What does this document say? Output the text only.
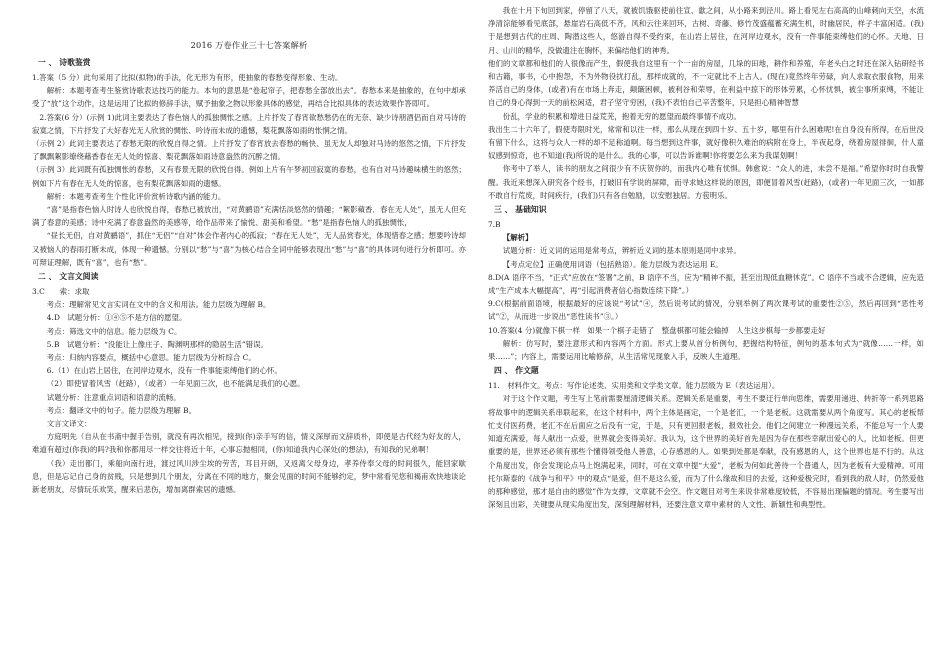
2016 万卷作业三十七答案解析
一 、 诗歌鉴赏

1.答案（5 分）此句采用了比拟(拟物)的手法，化无形为有形，使抽象的春愁变得形象、生动。

解析：本题考查考生鉴赏诗歌表达技巧的能力。本句的意思是“卷起帘子，把春愁全部放出去”。春愁本来是抽象的，在句中却承受了“放”这个动作，这是运用了比拟的修辞手法，赋予抽象之物以形象具体的感觉，再结合比拟具体的表达效果作答即可。

2.答案(6 分）(示例 1)此词主要表达了春色恼人的孤独惆怅之感。上片抒发了春宵欲愁愁仍在的无奈、缺少诗朋酒侣而自对马诗的寂寞之情，下片抒发了大好春光无人欣赏的惆怅、吟诗而未成的遗憾，梨花飘落如雨的怅惘之情。

（示例 2）此词主要表达了春愁无限的欣悦自得之情。上片抒发了春宵放去春愁的畅快、虽无友人却独对马诗的悠然之情，下片抒发了飘飘絮影缭绕藉香春在无人处的惊喜、梨花飘落如雨诗意盎然的沉醉之情。

（示例 3）此词既有孤独惆怅的春愁，又有春景无限的欣悦自得。例如上片有午梦初回寂寞的春愁，也有自对马诗趣味横生的悠然；例如下片有春在无人处的惊喜，也有梨花飘落如雨的遗憾。

解析：本题考查考生个性化评价赏析诗歌内涵的能力。

“喜”是指春色恼人时诗人也欣悦自得，春愁已被放出，“对黄鹂语”充满恬淡悠然的情趣；“絮影蘋香．春在无人处”，虽无人但充满了春意的美感；诗中充满了春意盎然的美感等，给作品带来了愉悦、甜美和希望。“愁”是指春色恼人的孤独惆怅，

“昼长无侣，自对黄鹂语”，抓住“无侣”“自对”体会作者内心的孤寂；“春在无人处”，无人品赏春光，体现惜春之感；想要吟诗却又被恼人的春雨打断未成，体现一种遗憾。分别以“愁”与“喜”为核心结合全词中能够表现出“愁”与“喜”的具体词句进行分析即可。亦可辩证理解，既有“喜”，也有“愁”。

二 、 文言文阅读

3.C　　索：求取

考点：理解常见文言实词在文中的含义和用法。能力层级为理解 B。

4.D　试题分析：①④⑤不是方信的愿望。

考点：筛选文中的信息。能力层级为 C。

5.B　试题分析：“没能让上像庄子、陶渊明那样的隐居生活”错误。

考点：归纳内容要点，概括中心意思。能力层级为分析综合 C。

6.（1）在山岩上居住，在河岸边观水，没有一件事能束缚他们的心怀。

（2）即使冒着风雪（赶路），（或者）一年见面三次，也不能满足我们的心愿。

试题分析：注意重点词语和语意的流畅。

考点：翻译文中的句子。能力层级为理解 B。

文言文译文：

方庭明先（自从在书斋中握手告别，就没有再次相见，接到(你)亲手写的信，情义深厚而文辞质朴，即使是古代经为好友的人，难道有超过(你我)的吗?我和你都用尽一样交往将近十年，心事忘抛相同，(你)知道我内心深处(的想法)，有知我的兄弟啊！

（我）走出都门，乘船向南行进，渡过风川涉尘埃的劳苦，耳目开朗，又返离父母身边，孝养侍奉父母的时间很久，能回家歇息，但是忘记自己身的贫贱，只是想到几个朋友，分离在不同的地方，聚会见面的时间不能够约定，梦中常看见您和褐甫欢快地谈论新老朋友，尽情玩乐欢笑，醒来后悲伤，增加离群索居的遗憾。

我在十月下旬回到家，停留了八天，就被饥饿驱使前往宣、歙之间，从小路来到泾川。路上看见左右高高的山峰刺向天空，水流净清淙能够看见底部，悬崖岩石高低不齐，风和云往来回环，古树、奇藤、修竹茂盛蕴蓄充满生机，时幽居民，样子丰富闲适。(我)于是想到古代的庄周、陶潜这些人，悠游自得不受约束，在山岩上居住，在河岸边观水，没有一件事能束缚他们的心怀。天地、日月、山川的精华，没做遗注在胸怀，来偏结他们的神秀。

他们的文章都和他们的人很像而产生，假使我自这里有一个一亩的房屋，几垛的田地，耕作和养殖，年老头白之时还在深入钻研经书和古籍，事书，心中抱怨，不为外物役扰打乱，那样成就的，不一定就比不上古人。(现在)竟然终年劳碌，向人求取衣服食物，用来养活自己的身体，(或者)有在市场上奔走，颠簸困顿，被利谷和荣辱，在利益中掠下的形体劳累，心怀忧惧，被尘事所束缚，不能让自己的身心得到一天的前松闲适，君子坚守穷困，(我)不表怕自己辛苦整年，只是担心精神智慧

份乱，学业的积累和增进日益荒芜，抱着无穷的愿望而最终事情不成功。

我出生二十六年了，假使寿限时光，常常和以往一样，那么从现在到四十岁、五十岁，哪里有什么困难呢!在自身没有所得，在后世没有留下什么，这将与众人一样的却不足称道啊。每当想到这件事，就好像积久难治的病附在身上，半夜起身，绕着房屋徘徊，什人童奴感到惊奇，也不知道(我)所说的是什么。我的心事，可以告诉谁啊!你将要怎么来为我谋划啊！

你考中了举人，读书的朋友之间很少有不庆贺你的，而我内心唯有忧惧。韩愈说：“众人的进，未尝不是福。”希望你时时自我警醒。我近来想深入研究各个经书，打破旧有学说的屏障，而寻求她这样说的原因，即便冒着风雪(赶路)，(或者)一年见面三次，一如都不敢自行荒废，时间疾行，(我们)只有各自勉励，以安慰独居。方苞明乐。

三 、 基础知识

7.B

【解析】

试题分析：近义词的运用是常考点，辨析近义词的基本原则是同中求异。

【考点定位】正确使用词语（包括熟语）。能力层级为表达运用 E。

8.D(A 语序不当，“正式”应放在“签署”之前，B 语序不当，应为“精神不振，甚至出现低血糖休克”。C 语序不当或不合逻辑，应先造成“生产成本大幅提高”，再“引起消费者信心指数连续下降”。）

9.C(根据前面语境，根据最好的应该说“考试”④，然后说考试的情况，分别举例了两次课考试的重要性②⑤，然后再回到“恶性考试”②，从而进一步说出“恶性读书”③。）

10.答案(4 分)就像下棋一样　如果一个棋子走错了　整盘棋都可能会输掉　人生这步棋每一步都要走好

解析：仿写时，要注意形式和内容两个方面。形式上要从首分析例句，把握结构特征，例句的基本句式为“就像……一样，如果……”；内容上，需要运用比喻修辞，从生活常见现象入手，反映人生道理。

四 、 作文题

11.　材料作文。考点：写作论述类、实用类和文学类文章。能力层级为 E（表达运用）。

对于这个作文题，考生写上笔前需要厘清逻辑关系。逻辑关系是重要，考生不要迂行单向思维，需要用递进、转折等一系列思路将故事中的逻辑关系串联起来，在这个材料中，两个主体是画定，一个是老汇，一个是老板。这就需要从两个角度写。其心的老板帮忙支付医药费，老汇不在后面应之后没有一定，于是，只有更回报老板，报效社会。他们之间建立一种漫远关系，不能总写一个人要知道充满爱，每人献出一点爱，世界就会变得美好。我认为，这个世界的美好首先是因为存在那些幸献出爱心的人，比如老板。但更重要的是，世界还必须有那些个懂得领受他人善意，心存感恩的人。如果到处都是奉献，没有感恩的人，这个世界也是不行的。从这个角度出发，你会发现论点马上饱满起来，同时，可在文章中提“大爱”，老板为何如此善待一个普通人，因为老板有大爱精神。可用托尔斯泰的《战争与和平》中的观点“是爱，但不是这么爱，而为了什么缘故和目的去爱，这种爱极完时，看到我的敌人时，仍然爱他的那种感觉，那才是自由的感觉”作为支撑，文章就不会空。作文题目对考生来说非常难度较低，不容易出现偏题的情况。考生要写出深刻且出彩，关键要从现实角度出发，深刻理解材料，还要注意文章中素材的人文性、新颖性和典型性。
